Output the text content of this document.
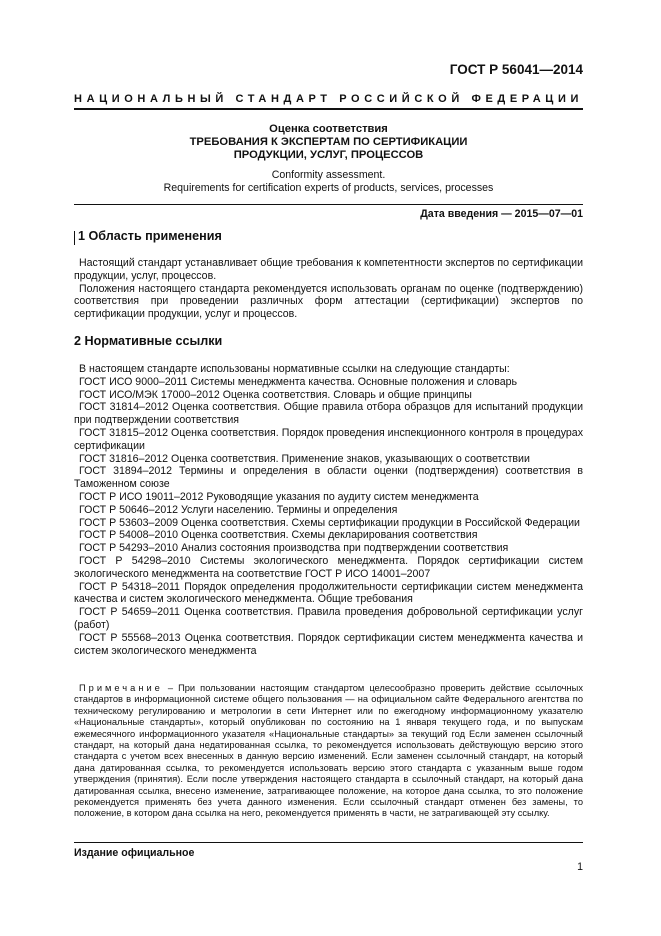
ГОСТ Р 56041—2014
НАЦИОНАЛЬНЫЙ СТАНДАРТ РОССИЙСКОЙ ФЕДЕРАЦИИ
Оценка соответствия
ТРЕБОВАНИЯ К ЭКСПЕРТАМ ПО СЕРТИФИКАЦИИ
ПРОДУКЦИИ, УСЛУГ, ПРОЦЕССОВ
Conformity assessment.
Requirements for certification experts of products, services, processes
Дата введения — 2015—07—01
1 Область применения

Настоящий стандарт устанавливает общие требования к компетентности экспертов по сертификации продукции, услуг, процессов.

Положения настоящего стандарта рекомендуется использовать органам по оценке (подтверждению) соответствия при проведении различных форм аттестации (сертификации) экспертов по сертификации продукции, услуг и процессов.

2 Нормативные ссылки

В настоящем стандарте использованы нормативные ссылки на следующие стандарты:

ГОСТ ИСО 9000–2011 Системы менеджмента качества. Основные положения и словарь

ГОСТ ИСО/МЭК 17000–2012 Оценка соответствия. Словарь и общие принципы

ГОСТ 31814–2012 Оценка соответствия. Общие правила отбора образцов для испытаний продукции при подтверждении соответствия

ГОСТ 31815–2012 Оценка соответствия. Порядок проведения инспекционного контроля в процедурах сертификации

ГОСТ 31816–2012 Оценка соответствия. Применение знаков, указывающих о соответствии

ГОСТ 31894–2012 Термины и определения в области оценки (подтверждения) соответствия в Таможенном союзе

ГОСТ Р ИСО 19011–2012 Руководящие указания по аудиту систем менеджмента

ГОСТ Р 50646–2012 Услуги населению. Термины и определения

ГОСТ Р 53603–2009 Оценка соответствия. Схемы сертификации продукции в Российской Федерации

ГОСТ Р 54008–2010 Оценка соответствия. Схемы декларирования соответствия

ГОСТ Р 54293–2010 Анализ состояния производства при подтверждении соответствия

ГОСТ Р 54298–2010 Системы экологического менеджмента. Порядок сертификации систем экологического менеджмента на соответствие ГОСТ Р ИСО 14001–2007

ГОСТ Р 54318–2011 Порядок определения продолжительности сертификации систем менеджмента качества и систем экологического менеджмента. Общие требования

ГОСТ Р 54659–2011 Оценка соответствия. Правила проведения добровольной сертификации услуг (работ)

ГОСТ Р 55568–2013 Оценка соответствия. Порядок сертификации систем менеджмента качества и систем экологического менеджмента

Примечание – При пользовании настоящим стандартом целесообразно проверить действие ссылочных стандартов в информационной системе общего пользования — на официальном сайте Федерального агентства по техническому регулированию и метрологии в сети Интернет или по ежегодному информационному указателю «Национальные стандарты», который опубликован по состоянию на 1 января текущего года, и по выпускам ежемесячного информационного указателя «Национальные стандарты» за текущий год Если заменен ссылочный стандарт, на который дана недатированная ссылка, то рекомендуется использовать действующую версию этого стандарта с учетом всех внесенных в данную версию изменений. Если заменен ссылочный стандарт, на который дана датированная ссылка, то рекомендуется использовать версию этого стандарта с указанным выше годом утверждения (принятия). Если после утверждения настоящего стандарта в ссылочный стандарт, на который дана датированная ссылка, внесено изменение, затрагивающее положение, на которое дана ссылка, то это положение рекомендуется применять без учета данного изменения. Если ссылочный стандарт отменен без замены, то положение, в котором дана ссылка на него, рекомендуется применять в части, не затрагивающей эту ссылку.
Издание официальное
1
